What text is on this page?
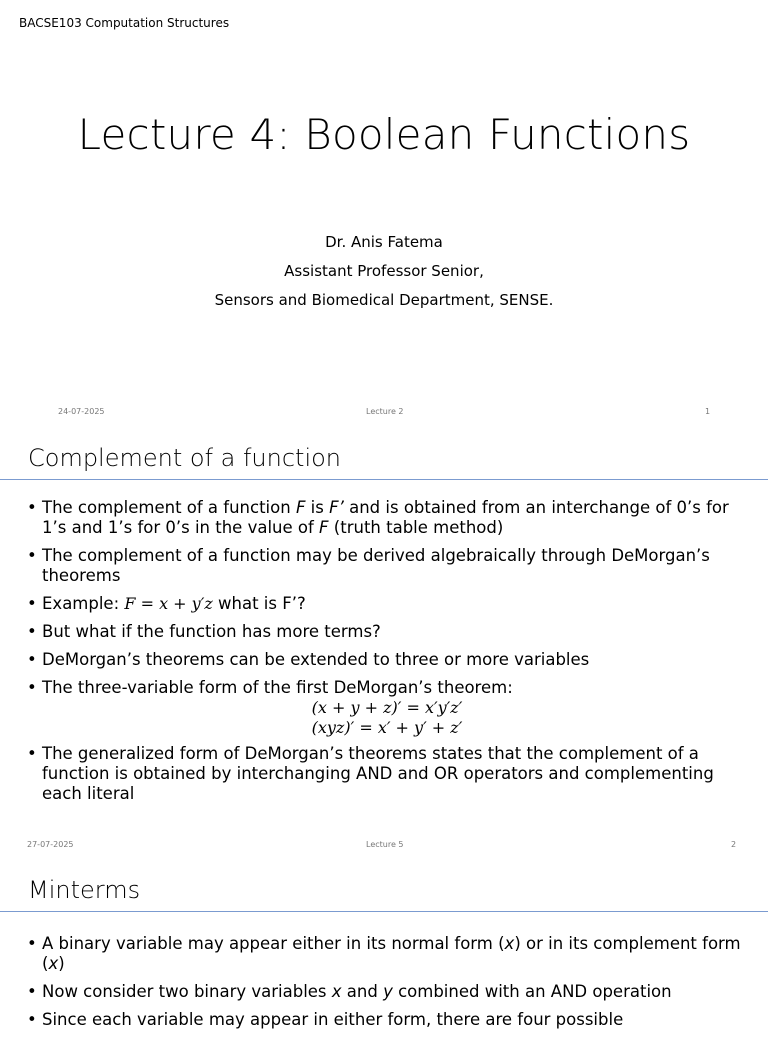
BACSE103 Computation Structures
Lecture 4: Boolean Functions
Dr. Anis Fatema
Assistant Professor Senior,
Sensors and Biomedical Department, SENSE.
24-07-2025	Lecture 2	1
Complement of a function
• The complement of a function F is F’ and is obtained from an interchange of 0’s for 1’s and 1’s for 0’s in the value of F (truth table method)
• The complement of a function may be derived algebraically through DeMorgan’s theorems
• Example: F = x + y′z what is F’?
• But what if the function has more terms?
• DeMorgan’s theorems can be extended to three or more variables
• The three-variable form of the first DeMorgan’s theorem:
(x + y + z)′ = x′y′z′
(xyz)′ = x′ + y′ + z′
• The generalized form of DeMorgan’s theorems states that the complement of a function is obtained by interchanging AND and OR operators and complementing each literal
27-07-2025	Lecture 5	2
Minterms
• A binary variable may appear either in its normal form (x) or in its complement form (x)
• Now consider two binary variables x and y combined with an AND operation
• Since each variable may appear in either form, there are four possible
